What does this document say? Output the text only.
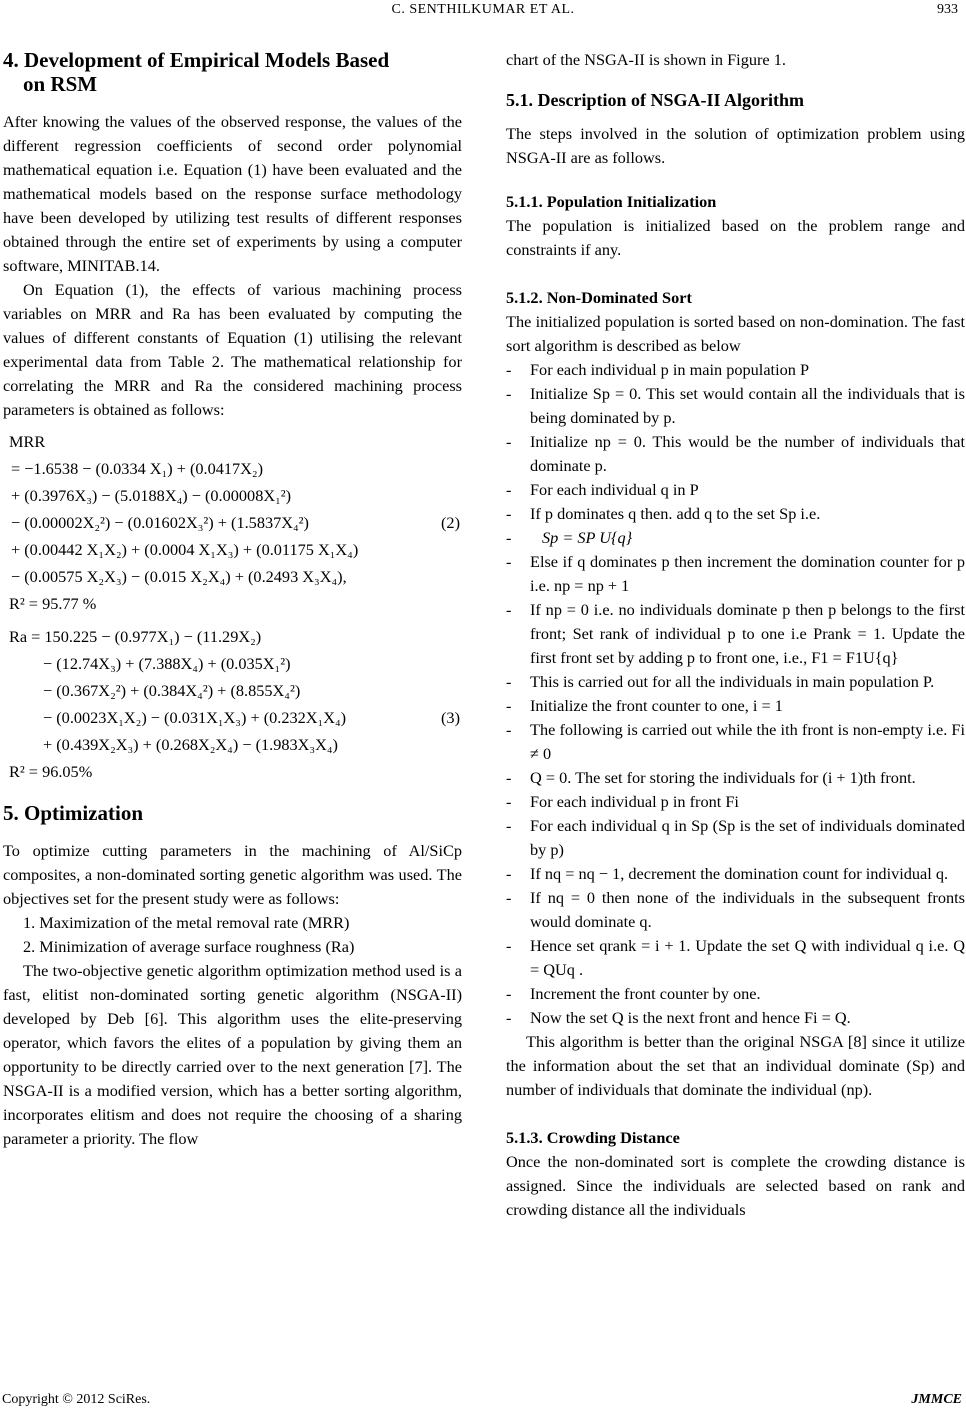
C. SENTHILKUMAR ET AL.	933
4. Development of Empirical Models Based
on RSM

After knowing the values of the observed response, the values of the different regression coefficients of second order polynomial mathematical equation i.e. Equation (1) have been evaluated and the mathematical models based on the response surface methodology have been developed by utilizing test results of different responses obtained through the entire set of experiments by using a computer software, MINITAB.14.

On Equation (1), the effects of various machining process variables on MRR and Ra has been evaluated by computing the values of different constants of Equation (1) utilising the relevant experimental data from Table 2. The mathematical relationship for correlating the MRR and Ra the considered machining process parameters is obtained as follows:

MRR
= −1.6538 − (0.0334 X₁) + (0.0417X₂)
+ (0.3976X₃) − (5.0188X₄) − (0.00008X₁²)
− (0.00002X₂²) − (0.01602X₃²) + (1.5837X₄²)
+ (0.00442 X₁X₂) + (0.0004 X₁X₃) + (0.01175 X₁X₄)
− (0.00575 X₂X₃) − (0.015 X₂X₄) + (0.2493 X₃X₄),
R² = 95.77 %
(2)
Ra = 150.225 − (0.977X₁) − (11.29X₂)
− (12.74X₃) + (7.388X₄) + (0.035X₁²)
− (0.367X₂²) + (0.384X₄²) + (8.855X₄²)
− (0.0023X₁X₂) − (0.031X₁X₃) + (0.232X₁X₄)
+ (0.439X₂X₃) + (0.268X₂X₄) − (1.983X₃X₄)
R² = 96.05%
(3)
5. Optimization

To optimize cutting parameters in the machining of Al/SiCp composites, a non-dominated sorting genetic algorithm was used. The objectives set for the present study were as follows:

1. Maximization of the metal removal rate (MRR)

2. Minimization of average surface roughness (Ra)

The two-objective genetic algorithm optimization method used is a fast, elitist non-dominated sorting genetic algorithm (NSGA-II) developed by Deb [6]. This algorithm uses the elite-preserving operator, which favors the elites of a population by giving them an opportunity to be directly carried over to the next generation [7]. The NSGA-II is a modified version, which has a better sorting algorithm, incorporates elitism and does not require the choosing of a sharing parameter a priority. The flow

chart of the NSGA-II is shown in Figure 1.

5.1. Description of NSGA-II Algorithm

The steps involved in the solution of optimization problem using NSGA-II are as follows.

5.1.1. Population Initialization

The population is initialized based on the problem range and constraints if any.

5.1.2. Non-Dominated Sort

The initialized population is sorted based on non-domination. The fast sort algorithm is described as below

- For each individual p in main population P
- Initialize Sp = 0. This set would contain all the individuals that is being dominated by p.
- Initialize np = 0. This would be the number of individuals that dominate p.
- For each individual q in P
- If p dominates q then. add q to the set Sp i.e.
- Sp = SP U{q}
- Else if q dominates p then increment the domination counter for p i.e. np = np + 1
- If np = 0 i.e. no individuals dominate p then p belongs to the first front; Set rank of individual p to one i.e Prank = 1. Update the first front set by adding p to front one, i.e., F1 = F1U{q}
- This is carried out for all the individuals in main population P.
- Initialize the front counter to one, i = 1
- The following is carried out while the ith front is non-empty i.e. Fi ≠ 0
- Q = 0. The set for storing the individuals for (i + 1)th front.
- For each individual p in front Fi
- For each individual q in Sp (Sp is the set of individuals dominated by p)
- If nq = nq − 1, decrement the domination count for individual q.
- If nq = 0 then none of the individuals in the subsequent fronts would dominate q.
- Hence set qrank = i + 1. Update the set Q with individual q i.e. Q = QUq .
- Increment the front counter by one.
- Now the set Q is the next front and hence Fi = Q.

This algorithm is better than the original NSGA [8] since it utilize the information about the set that an individual dominate (Sp) and number of individuals that dominate the individual (np).

5.1.3. Crowding Distance

Once the non-dominated sort is complete the crowding distance is assigned. Since the individuals are selected based on rank and crowding distance all the individuals

Copyright © 2012 SciRes.	JMMCE
